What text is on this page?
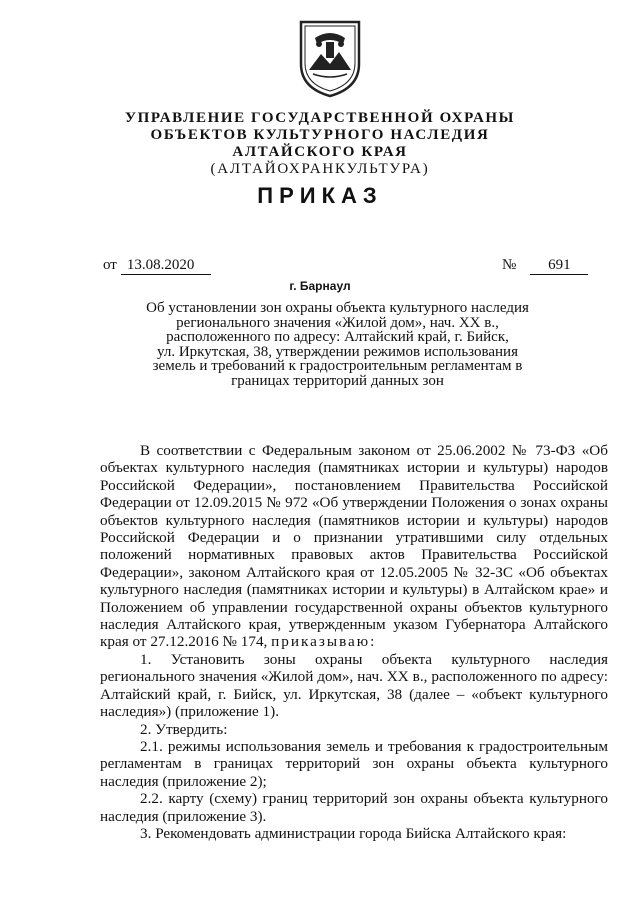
УПРАВЛЕНИЕ ГОСУДАРСТВЕННОЙ ОХРАНЫ
ОБЪЕКТОВ КУЛЬТУРНОГО НАСЛЕДИЯ
АЛТАЙСКОГО КРАЯ
(АЛТАЙОХРАНКУЛЬТУРА)
ПРИКАЗ
от 13.08.2020	№ 691
г. Барнаул
Об установлении зон охраны объекта культурного наследия
регионального значения «Жилой дом», нач. XX в.,
расположенного по адресу: Алтайский край, г. Бийск,
ул. Иркутская, 38, утверждении режимов использования
земель и требований к градостроительным регламентам в
границах территорий данных зон

В соответствии с Федеральным законом от 25.06.2002 № 73-ФЗ «Об объектах культурного наследия (памятниках истории и культуры) народов Российской Федерации», постановлением Правительства Российской Федерации от 12.09.2015 № 972 «Об утверждении Положения о зонах охраны объектов культурного наследия (памятников истории и культуры) народов Российской Федерации и о признании утратившими силу отдельных положений нормативных правовых актов Правительства Российской Федерации», законом Алтайского края от 12.05.2005 № 32-ЗС «Об объектах культурного наследия (памятниках истории и культуры) в Алтайском крае» и Положением об управлении государственной охраны объектов культурного наследия Алтайского края, утвержденным указом Губернатора Алтайского края от 27.12.2016 № 174, приказываю:

1. Установить зоны охраны объекта культурного наследия регионального значения «Жилой дом», нач. XX в., расположенного по адресу: Алтайский край, г. Бийск, ул. Иркутская, 38 (далее – «объект культурного наследия») (приложение 1).

2. Утвердить:

2.1. режимы использования земель и требования к градостроительным регламентам в границах территорий зон охраны объекта культурного наследия (приложение 2);

2.2. карту (схему) границ территорий зон охраны объекта культурного наследия (приложение 3).

3. Рекомендовать администрации города Бийска Алтайского края:
